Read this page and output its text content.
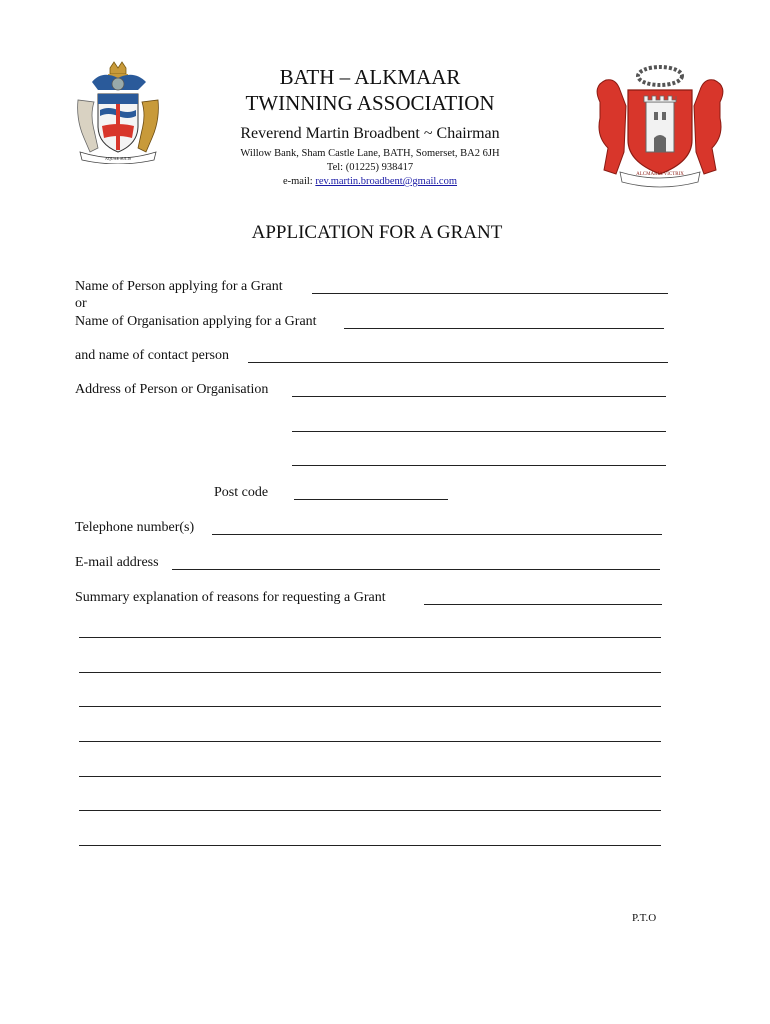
AQUAE SULIS
BATH – ALKMAAR
TWINNING ASSOCIATION
Reverend Martin Broadbent ~ Chairman
Willow Bank, Sham Castle Lane, BATH, Somerset, BA2 6JH
Tel: (01225) 938417
e-mail: rev.martin.broadbent@gmail.com
ALCMARIA VICTRIX
APPLICATION FOR A GRANT
Name of Person applying for a Grant
or
Name of Organisation applying for a Grant
and name of contact person
Address of Person or Organisation
Post code
Telephone number(s)
E-mail address
Summary explanation of reasons for requesting a Grant
P.T.O
